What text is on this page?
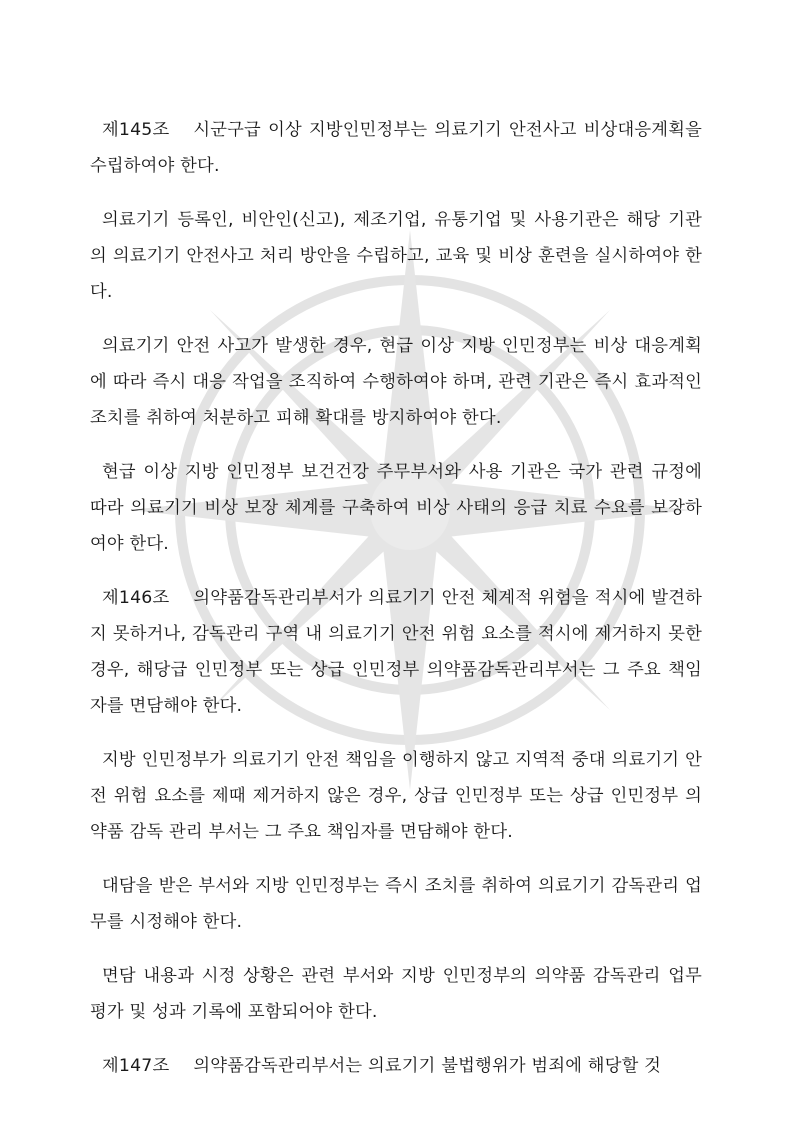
제145조 시군구급 이상 지방인민정부는 의료기기 안전사고 비상대응계획을 수립하여야 한다.

의료기기 등록인, 비안인(신고), 제조기업, 유통기업 및 사용기관은 해당 기관의 의료기기 안전사고 처리 방안을 수립하고, 교육 및 비상 훈련을 실시하여야 한다.

의료기기 안전 사고가 발생한 경우, 현급 이상 지방 인민정부는 비상 대응계획에 따라 즉시 대응 작업을 조직하여 수행하여야 하며, 관련 기관은 즉시 효과적인 조치를 취하여 처분하고 피해 확대를 방지하여야 한다.

현급 이상 지방 인민정부 보건건강 주무부서와 사용 기관은 국가 관련 규정에 따라 의료기기 비상 보장 체계를 구축하여 비상 사태의 응급 치료 수요를 보장하여야 한다.

제146조 의약품감독관리부서가 의료기기 안전 체계적 위험을 적시에 발견하지 못하거나, 감독관리 구역 내 의료기기 안전 위험 요소를 적시에 제거하지 못한 경우, 해당급 인민정부 또는 상급 인민정부 의약품감독관리부서는 그 주요 책임자를 면담해야 한다.

지방 인민정부가 의료기기 안전 책임을 이행하지 않고 지역적 중대 의료기기 안전 위험 요소를 제때 제거하지 않은 경우, 상급 인민정부 또는 상급 인민정부 의약품 감독 관리 부서는 그 주요 책임자를 면담해야 한다.

대담을 받은 부서와 지방 인민정부는 즉시 조치를 취하여 의료기기 감독관리 업무를 시정해야 한다.

면담 내용과 시정 상황은 관련 부서와 지방 인민정부의 의약품 감독관리 업무 평가 및 성과 기록에 포함되어야 한다.

제147조 의약품감독관리부서는 의료기기 불법행위가 범죄에 해당할 것
